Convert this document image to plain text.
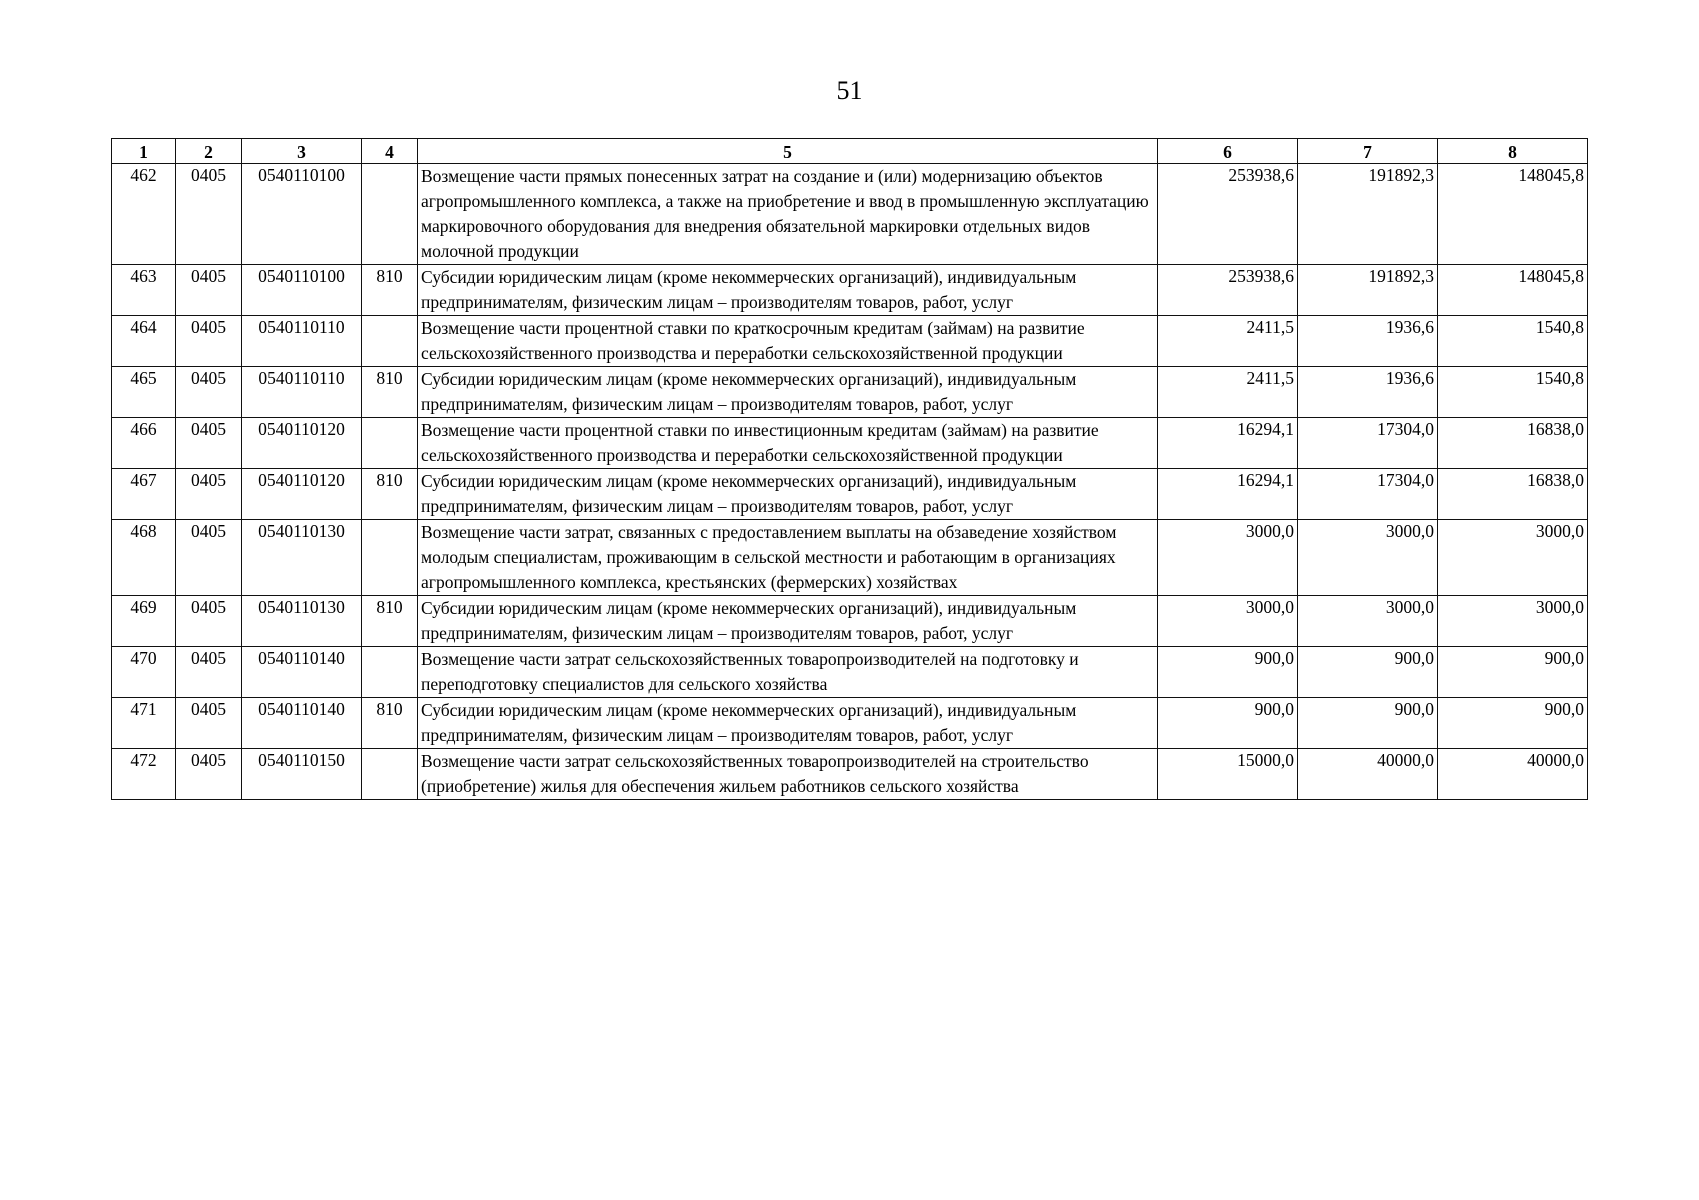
51
1	2	3	4	5	6	7	8
462	0405	0540110100		Возмещение части прямых понесенных затрат на создание и (или) модернизацию объектов агропромышленного комплекса, а также на приобретение и ввод в промышленную эксплуатацию маркировочного оборудования для внедрения обязательной маркировки отдельных видов молочной продукции	253938,6	191892,3	148045,8
463	0405	0540110100	810	Субсидии юридическим лицам (кроме некоммерческих организаций), индивидуальным предпринимателям, физическим лицам – производителям товаров, работ, услуг	253938,6	191892,3	148045,8
464	0405	0540110110		Возмещение части процентной ставки по краткосрочным кредитам (займам) на развитие сельскохозяйственного производства и переработки сельскохозяйственной продукции	2411,5	1936,6	1540,8
465	0405	0540110110	810	Субсидии юридическим лицам (кроме некоммерческих организаций), индивидуальным предпринимателям, физическим лицам – производителям товаров, работ, услуг	2411,5	1936,6	1540,8
466	0405	0540110120		Возмещение части процентной ставки по инвестиционным кредитам (займам) на развитие сельскохозяйственного производства и переработки сельскохозяйственной продукции	16294,1	17304,0	16838,0
467	0405	0540110120	810	Субсидии юридическим лицам (кроме некоммерческих организаций), индивидуальным предпринимателям, физическим лицам – производителям товаров, работ, услуг	16294,1	17304,0	16838,0
468	0405	0540110130		Возмещение части затрат, связанных с предоставлением выплаты на обзаведение хозяйством молодым специалистам, проживающим в сельской местности и работающим в организациях агропромышленного комплекса, крестьянских (фермерских) хозяйствах	3000,0	3000,0	3000,0
469	0405	0540110130	810	Субсидии юридическим лицам (кроме некоммерческих организаций), индивидуальным предпринимателям, физическим лицам – производителям товаров, работ, услуг	3000,0	3000,0	3000,0
470	0405	0540110140		Возмещение части затрат сельскохозяйственных товаропроизводителей на подготовку и переподготовку специалистов для сельского хозяйства	900,0	900,0	900,0
471	0405	0540110140	810	Субсидии юридическим лицам (кроме некоммерческих организаций), индивидуальным предпринимателям, физическим лицам – производителям товаров, работ, услуг	900,0	900,0	900,0
472	0405	0540110150		Возмещение части затрат сельскохозяйственных товаропроизводителей на строительство (приобретение) жилья для обеспечения жильем работников сельского хозяйства	15000,0	40000,0	40000,0
